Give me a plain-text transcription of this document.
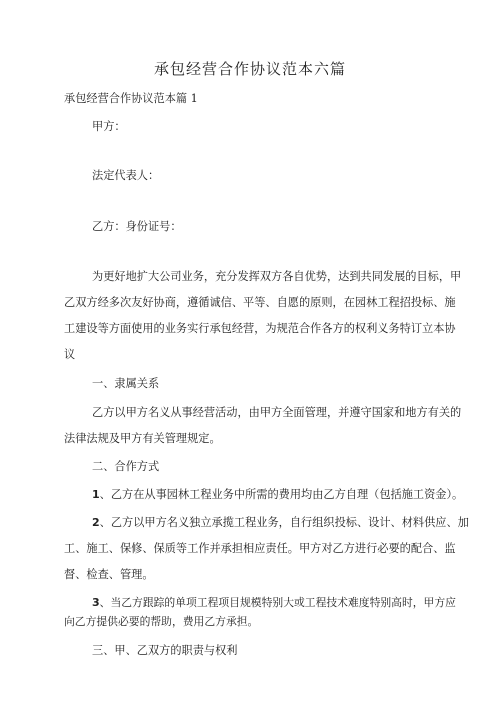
承包经营合作协议范本六篇
承包经营合作协议范本篇 1
甲方：
法定代表人：
乙方：身份证号：
为更好地扩大公司业务，充分发挥双方各自优势，达到共同发展的目标，甲
乙双方经多次友好协商，遵循诚信、平等、自愿的原则，在园林工程招投标、施
工建设等方面使用的业务实行承包经营，为规范合作各方的权利义务特订立本协
议
一、隶属关系
乙方以甲方名义从事经营活动，由甲方全面管理，并遵守国家和地方有关的
法律法规及甲方有关管理规定。
二、合作方式
1、乙方在从事园林工程业务中所需的费用均由乙方自理（包括施工资金）。
2、乙方以甲方名义独立承揽工程业务，自行组织投标、设计、材料供应、加
工、施工、保修、保质等工作并承担相应责任。甲方对乙方进行必要的配合、监
督、检查、管理。
3、当乙方跟踪的单项工程项目规模特别大或工程技术难度特别高时，甲方应
向乙方提供必要的帮助，费用乙方承担。
三、甲、乙双方的职责与权利
